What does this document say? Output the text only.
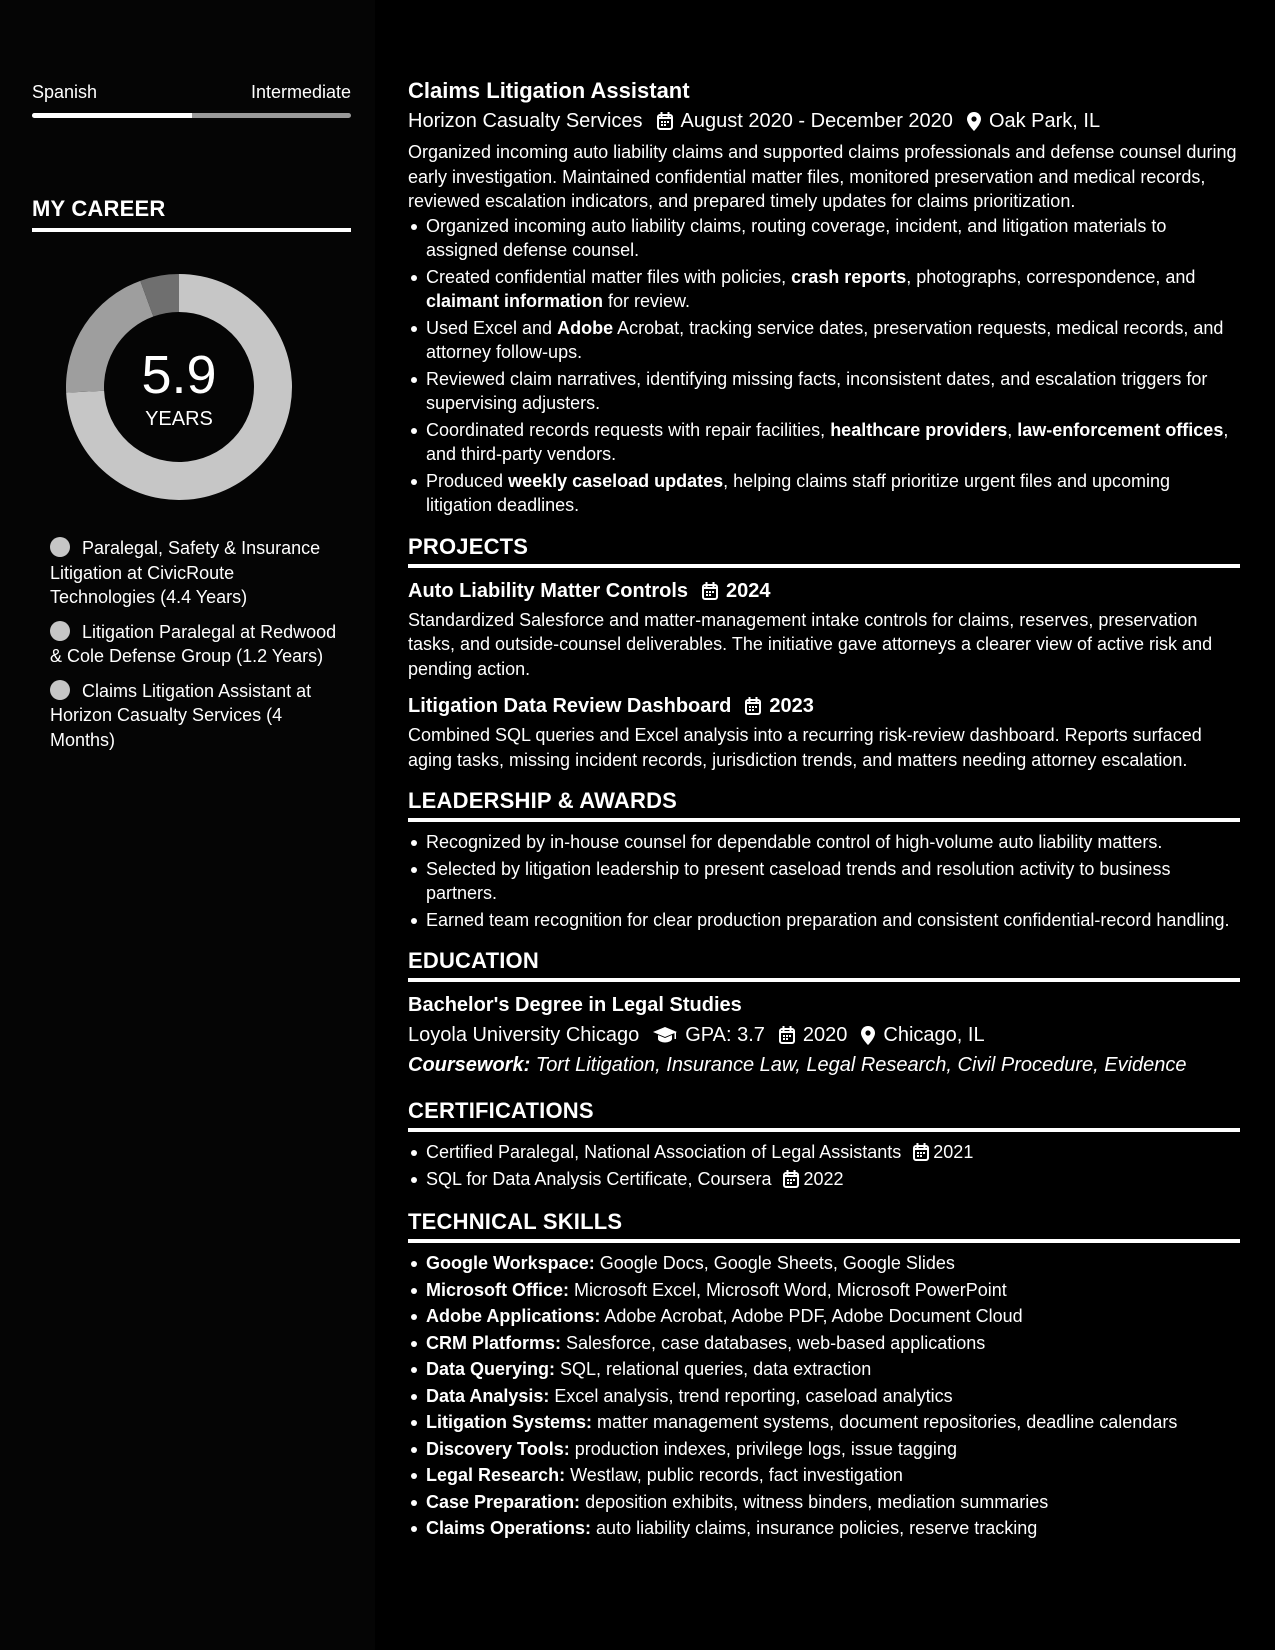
Spanish	Intermediate
MY CAREER
5.9
YEARS
Paralegal, Safety & Insurance Litigation at CivicRoute Technologies (4.4 Years)
Litigation Paralegal at Redwood & Cole Defense Group (1.2 Years)
Claims Litigation Assistant at Horizon Casualty Services (4 Months)
Claims Litigation Assistant
Horizon Casualty Services August 2020 - December 2020 Oak Park, IL

Organized incoming auto liability claims and supported claims professionals and defense counsel during early investigation. Maintained confidential matter files, monitored preservation and medical records, reviewed escalation indicators, and prepared timely updates for claims prioritization.

Organized incoming auto liability claims, routing coverage, incident, and litigation materials to assigned defense counsel.
Created confidential matter files with policies, crash reports, photographs, correspondence, and claimant information for review.
Used Excel and Adobe Acrobat, tracking service dates, preservation requests, medical records, and attorney follow-ups.
Reviewed claim narratives, identifying missing facts, inconsistent dates, and escalation triggers for supervising adjusters.
Coordinated records requests with repair facilities, healthcare providers, law-enforcement offices, and third-party vendors.
Produced weekly caseload updates, helping claims staff prioritize urgent files and upcoming litigation deadlines.
PROJECTS
Auto Liability Matter Controls 2024

Standardized Salesforce and matter-management intake controls for claims, reserves, preservation tasks, and outside-counsel deliverables. The initiative gave attorneys a clearer view of active risk and pending action.

Litigation Data Review Dashboard 2023

Combined SQL queries and Excel analysis into a recurring risk-review dashboard. Reports surfaced aging tasks, missing incident records, jurisdiction trends, and matters needing attorney escalation.

LEADERSHIP & AWARDS
Recognized by in-house counsel for dependable control of high-volume auto liability matters.
Selected by litigation leadership to present caseload trends and resolution activity to business partners.
Earned team recognition for clear production preparation and consistent confidential-record handling.
EDUCATION
Bachelor's Degree in Legal Studies
Loyola University Chicago GPA: 3.7 2020 Chicago, IL
Coursework: Tort Litigation, Insurance Law, Legal Research, Civil Procedure, Evidence
CERTIFICATIONS
Certified Paralegal, National Association of Legal Assistants 2021
SQL for Data Analysis Certificate, Coursera 2022
TECHNICAL SKILLS
Google Workspace: Google Docs, Google Sheets, Google Slides
Microsoft Office: Microsoft Excel, Microsoft Word, Microsoft PowerPoint
Adobe Applications: Adobe Acrobat, Adobe PDF, Adobe Document Cloud
CRM Platforms: Salesforce, case databases, web-based applications
Data Querying: SQL, relational queries, data extraction
Data Analysis: Excel analysis, trend reporting, caseload analytics
Litigation Systems: matter management systems, document repositories, deadline calendars
Discovery Tools: production indexes, privilege logs, issue tagging
Legal Research: Westlaw, public records, fact investigation
Case Preparation: deposition exhibits, witness binders, mediation summaries
Claims Operations: auto liability claims, insurance policies, reserve tracking
